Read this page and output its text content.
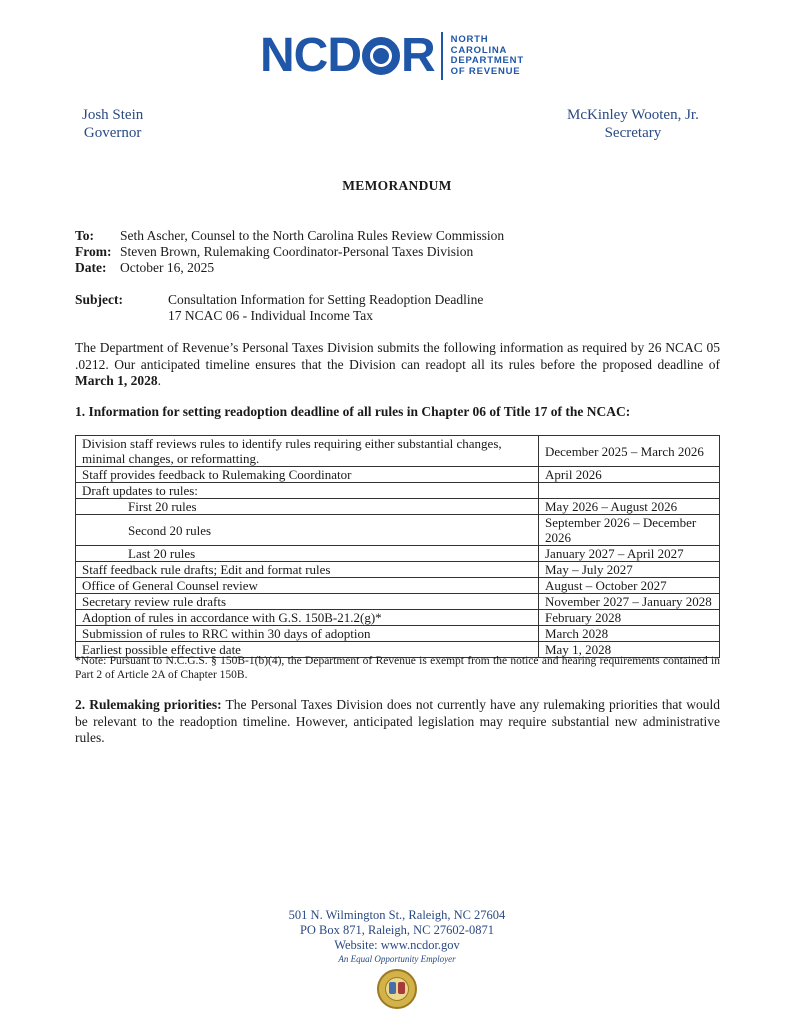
NCD R NORTH
CAROLINA
DEPARTMENT
OF REVENUE
Josh Stein
Governor
McKinley Wooten, Jr.
Secretary
MEMORANDUM
To: Seth Ascher, Counsel to the North Carolina Rules Review Commission
From: Steven Brown, Rulemaking Coordinator-Personal Taxes Division
Date: October 16, 2025
Subject:	Consultation Information for Setting Readoption Deadline
17 NCAC 06 - Individual Income Tax
The Department of Revenue’s Personal Taxes Division submits the following information as required by 26 NCAC 05 .0212. Our anticipated timeline ensures that the Division can readopt all its rules before the proposed deadline of March 1, 2028.
1. Information for setting readoption deadline of all rules in Chapter 06 of Title 17 of the NCAC:
Division staff reviews rules to identify rules requiring either substantial changes, minimal changes, or reformatting.	December 2025 – March 2026
Staff provides feedback to Rulemaking Coordinator	April 2026
Draft updates to rules:	
First 20 rules	May 2026 – August 2026
Second 20 rules	September 2026 – December 2026
Last 20 rules	January 2027 – April 2027
Staff feedback rule drafts; Edit and format rules	May – July 2027
Office of General Counsel review	August – October 2027
Secretary review rule drafts	November 2027 – January 2028
Adoption of rules in accordance with G.S. 150B-21.2(g)*	February 2028
Submission of rules to RRC within 30 days of adoption	March 2028
Earliest possible effective date	May 1, 2028
*Note: Pursuant to N.C.G.S. § 150B-1(b)(4), the Department of Revenue is exempt from the notice and hearing requirements contained in Part 2 of Article 2A of Chapter 150B.
2. Rulemaking priorities: The Personal Taxes Division does not currently have any rulemaking priorities that would be relevant to the readoption timeline. However, anticipated legislation may require substantial new administrative rules.
501 N. Wilmington St., Raleigh, NC 27604
PO Box 871, Raleigh, NC 27602-0871
Website: www.ncdor.gov
An Equal Opportunity Employer
